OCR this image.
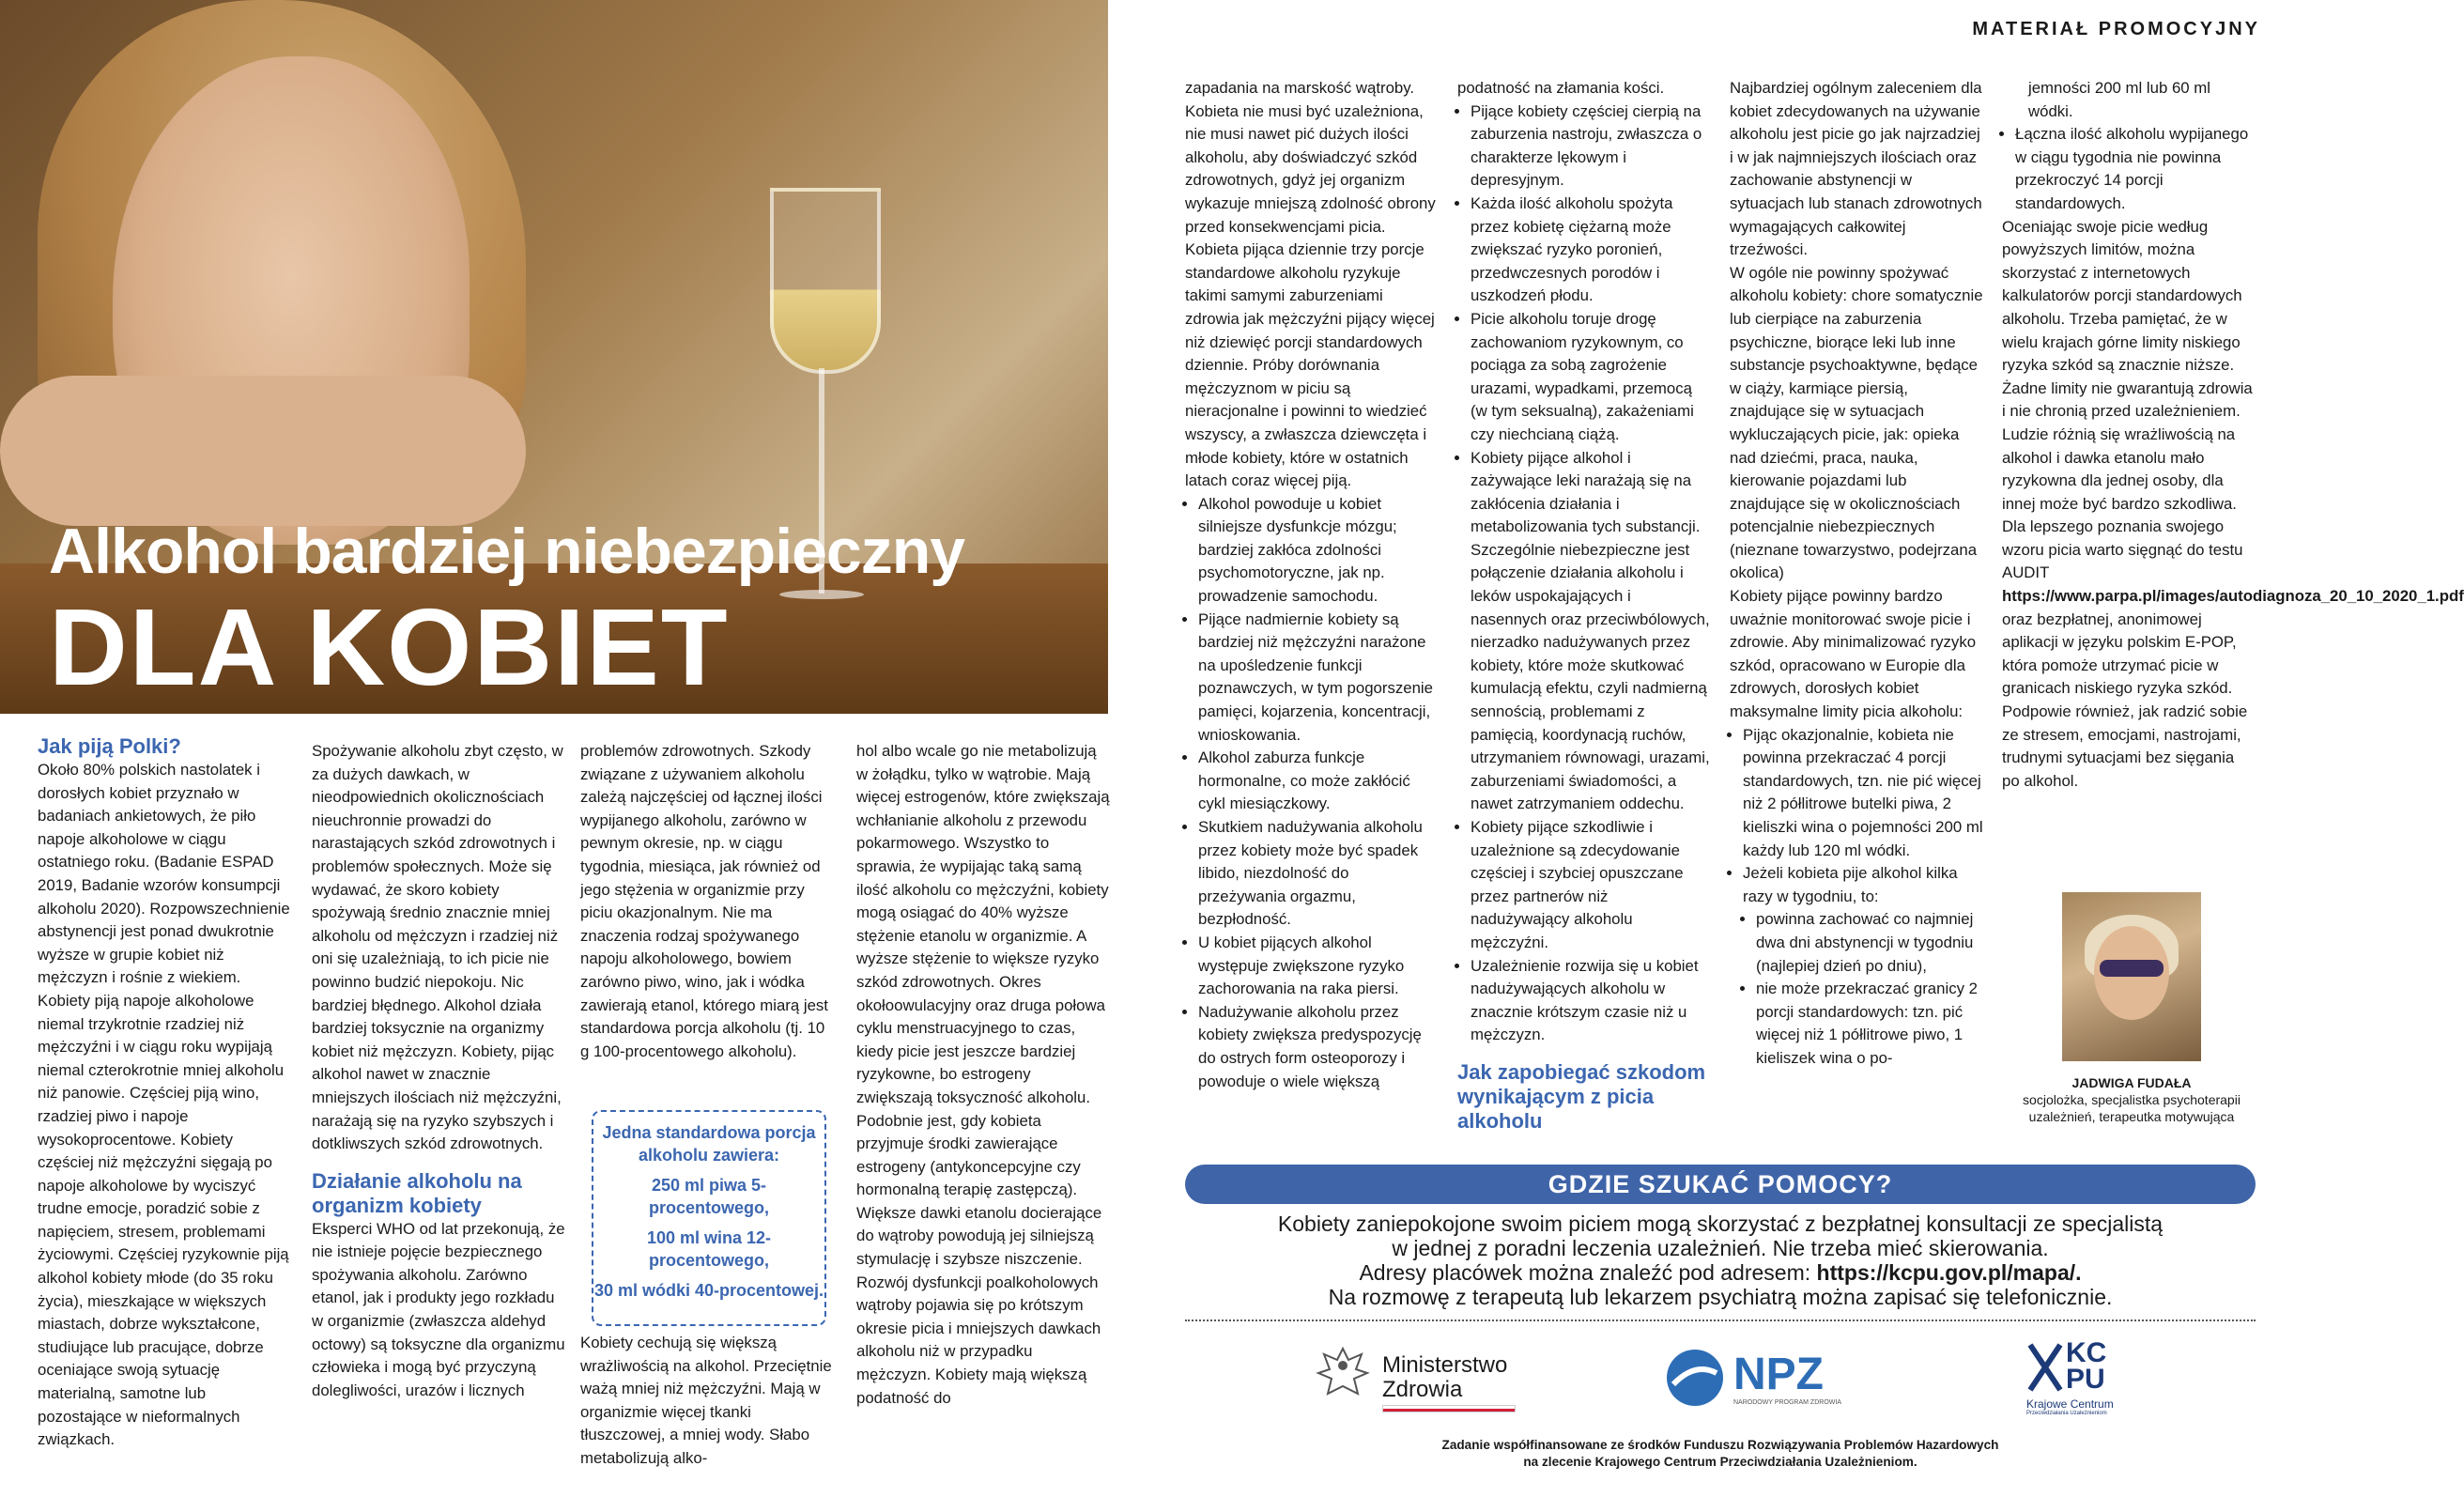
Alkohol bardziej niebezpieczny
DLA KOBIET
MATERIAŁ PROMOCYJNY
Jak piją Polki?

Około 80% polskich nastolatek i dorosłych kobiet przyznało w badaniach ankietowych, że piło napoje alkoholowe w ciągu ostatniego roku. (Badanie ESPAD 2019, Badanie wzorów konsumpcji alkoholu 2020). Rozpowszechnienie abstynencji jest ponad dwukrotnie wyższe w grupie kobiet niż mężczyzn i rośnie z wiekiem. Kobiety piją napoje alkoholowe niemal trzykrotnie rzadziej niż mężczyźni i w ciągu roku wypijają niemal czterokrotnie mniej alkoholu niż panowie. Częściej piją wino, rzadziej piwo i napoje wysokoprocentowe. Kobiety częściej niż mężczyźni sięgają po napoje alkoholowe by wyciszyć trudne emocje, poradzić sobie z napięciem, stresem, problemami życiowymi. Częściej ryzykownie piją alkohol kobiety młode (do 35 roku życia), mieszkające w większych miastach, dobrze wykształcone, studiujące lub pracujące, dobrze oceniające swoją sytuację materialną, samotne lub pozostające w nieformalnych związkach.

Spożywanie alkoholu zbyt często, w za dużych dawkach, w nieodpowiednich okolicznościach nieuchronnie prowadzi do narastających szkód zdrowotnych i problemów społecznych. Może się wydawać, że skoro kobiety spożywają średnio znacznie mniej alkoholu od mężczyzn i rzadziej niż oni się uzależniają, to ich picie nie powinno budzić niepokoju. Nic bardziej błędnego. Alkohol działa bardziej toksycznie na organizmy kobiet niż mężczyzn. Kobiety, pijąc alkohol nawet w znacznie mniejszych ilościach niż mężczyźni, narażają się na ryzyko szybszych i dotkliwszych szkód zdrowotnych.

Działanie alkoholu na organizm kobiety

Eksperci WHO od lat przekonują, że nie istnieje pojęcie bezpiecznego spożywania alkoholu. Zarówno etanol, jak i produkty jego rozkładu w organizmie (zwłaszcza aldehyd octowy) są toksyczne dla organizmu człowieka i mogą być przyczyną dolegliwości, urazów i licznych

problemów zdrowotnych. Szkody związane z używaniem alkoholu zależą najczęściej od łącznej ilości wypijanego alkoholu, zarówno w pewnym okresie, np. w ciągu tygodnia, miesiąca, jak również od jego stężenia w organizmie przy piciu okazjonalnym. Nie ma znaczenia rodzaj spożywanego napoju alkoholowego, bowiem zarówno piwo, wino, jak i wódka zawierają etanol, którego miarą jest standardowa porcja alkoholu (tj. 10 g 100-procentowego alkoholu).

Jedna standardowa porcja alkoholu zawiera:

250 ml piwa 5-procentowego,

100 ml wina 12-procentowego,

30 ml wódki 40-procentowej.

Kobiety cechują się większą wrażliwością na alkohol. Przeciętnie ważą mniej niż mężczyźni. Mają w organizmie więcej tkanki tłuszczowej, a mniej wody. Słabo metabolizują alko-

hol albo wcale go nie metabolizują w żołądku, tylko w wątrobie. Mają więcej estrogenów, które zwiększają wchłanianie alkoholu z przewodu pokarmowego. Wszystko to sprawia, że wypijając taką samą ilość alkoholu co mężczyźni, kobiety mogą osiągać do 40% wyższe stężenie etanolu w organizmie. A wyższe stężenie to większe ryzyko szkód zdrowotnych. Okres okołoowulacyjny oraz druga połowa cyklu menstruacyjnego to czas, kiedy picie jest jeszcze bardziej ryzykowne, bo estrogeny zwiększają toksyczność alkoholu. Podobnie jest, gdy kobieta przyjmuje środki zawierające estrogeny (antykoncepcyjne czy hormonalną terapię zastępczą). Większe dawki etanolu docierające do wątroby powodują jej silniejszą stymulację i szybsze niszczenie. Rozwój dysfunkcji poalkoholowych wątroby pojawia się po krótszym okresie picia i mniejszych dawkach alkoholu niż w przypadku mężczyzn. Kobiety mają większą podatność do

zapadania na marskość wątroby. Kobieta nie musi być uzależniona, nie musi nawet pić dużych ilości alkoholu, aby doświadczyć szkód zdrowotnych, gdyż jej organizm wykazuje mniejszą zdolność obrony przed konsekwencjami picia. Kobieta pijąca dziennie trzy porcje standardowe alkoholu ryzykuje takimi samymi zaburzeniami zdrowia jak mężczyźni pijący więcej niż dziewięć porcji standardowych dziennie. Próby dorównania mężczyznom w piciu są nieracjonalne i powinni to wiedzieć wszyscy, a zwłaszcza dziewczęta i młode kobiety, które w ostatnich latach coraz więcej piją.

• Alkohol powoduje u kobiet silniejsze dysfunkcje mózgu; bardziej zakłóca zdolności psychomotoryczne, jak np. prowadzenie samochodu.
• Pijące nadmiernie kobiety są bardziej niż mężczyźni narażone na upośledzenie funkcji poznawczych, w tym pogorszenie pamięci, kojarzenia, koncentracji, wnioskowania.
• Alkohol zaburza funkcje hormonalne, co może zakłócić cykl miesiączkowy.
• Skutkiem nadużywania alkoholu przez kobiety może być spadek libido, niezdolność do przeżywania orgazmu, bezpłodność.
• U kobiet pijących alkohol występuje zwiększone ryzyko zachorowania na raka piersi.
• Nadużywanie alkoholu przez kobiety zwiększa predyspozycję do ostrych form osteoporozy i powoduje o wiele większą

podatność na złamania kości.

• Pijące kobiety częściej cierpią na zaburzenia nastroju, zwłaszcza o charakterze lękowym i depresyjnym.
• Każda ilość alkoholu spożyta przez kobietę ciężarną może zwiększać ryzyko poronień, przedwczesnych porodów i uszkodzeń płodu.
• Picie alkoholu toruje drogę zachowaniom ryzykownym, co pociąga za sobą zagrożenie urazami, wypadkami, przemocą (w tym seksualną), zakażeniami czy niechcianą ciążą.
• Kobiety pijące alkohol i zażywające leki narażają się na zakłócenia działania i metabolizowania tych substancji. Szczególnie niebezpieczne jest połączenie działania alkoholu i leków uspokajających i nasennych oraz przeciwbólowych, nierzadko nadużywanych przez kobiety, które może skutkować kumulacją efektu, czyli nadmierną sennością, problemami z pamięcią, koordynacją ruchów, utrzymaniem równowagi, urazami, zaburzeniami świadomości, a nawet zatrzymaniem oddechu.
• Kobiety pijące szkodliwie i uzależnione są zdecydowanie częściej i szybciej opuszczane przez partnerów niż nadużywający alkoholu mężczyźni.
• Uzależnienie rozwija się u kobiet nadużywających alkoholu w znacznie krótszym czasie niż u mężczyzn.
Jak zapobiegać szkodom wynikającym z picia alkoholu

Najbardziej ogólnym zaleceniem dla kobiet zdecydowanych na używanie alkoholu jest picie go jak najrzadziej i w jak najmniejszych ilościach oraz zachowanie abstynencji w sytuacjach lub stanach zdrowotnych wymagających całkowitej trzeźwości.

W ogóle nie powinny spożywać alkoholu kobiety: chore somatycznie lub cierpiące na zaburzenia psychiczne, biorące leki lub inne substancje psychoaktywne, będące w ciąży, karmiące piersią, znajdujące się w sytuacjach wykluczających picie, jak: opieka nad dziećmi, praca, nauka, kierowanie pojazdami lub znajdujące się w okolicznościach potencjalnie niebezpiecznych (nieznane towarzystwo, podejrzana okolica)

Kobiety pijące powinny bardzo uważnie monitorować swoje picie i zdrowie. Aby minimalizować ryzyko szkód, opracowano w Europie dla zdrowych, dorosłych kobiet maksymalne limity picia alkoholu:

• Pijąc okazjonalnie, kobieta nie powinna przekraczać 4 porcji standardowych, tzn. nie pić więcej niż 2 półlitrowe butelki piwa, 2 kieliszki wina o pojemności 200 ml każdy lub 120 ml wódki.
• Jeżeli kobieta pije alkohol kilka razy w tygodniu, to:
• powinna zachować co najmniej dwa dni abstynencji w tygodniu (najlepiej dzień po dniu),
• nie może przekraczać granicy 2 porcji standardowych: tzn. pić więcej niż 1 półlitrowe piwo, 1 kieliszek wina o po-

jemności 200 ml lub 60 ml wódki.

• Łączna ilość alkoholu wypijanego w ciągu tygodnia nie powinna przekroczyć 14 porcji standardowych.

Oceniając swoje picie według powyższych limitów, można skorzystać z internetowych kalkulatorów porcji standardowych alkoholu. Trzeba pamiętać, że w wielu krajach górne limity niskiego ryzyka szkód są znacznie niższe. Żadne limity nie gwarantują zdrowia i nie chronią przed uzależnieniem. Ludzie różnią się wrażliwością na alkohol i dawka etanolu mało ryzykowna dla jednej osoby, dla innej może być bardzo szkodliwa.

Dla lepszego poznania swojego wzoru picia warto sięgnąć do testu AUDIT https://www.parpa.pl/images/autodiagnoza_20_10_2020_1.pdf oraz bezpłatnej, anonimowej aplikacji w języku polskim E-POP, która pomoże utrzymać picie w granicach niskiego ryzyka szkód. Podpowie również, jak radzić sobie ze stresem, emocjami, nastrojami, trudnymi sytuacjami bez sięgania po alkohol.

JADWIGA FUDAŁA
socjolożka, specjalistka psychoterapii uzależnień, terapeutka motywująca
GDZIE SZUKAĆ POMOCY?

Kobiety zaniepokojone swoim piciem mogą skorzystać z bezpłatnej konsultacji ze specjalistą

w jednej z poradni leczenia uzależnień. Nie trzeba mieć skierowania.

Adresy placówek można znaleźć pod adresem: https://kcpu.gov.pl/mapa/.

Na rozmowę z terapeutą lub lekarzem psychiatrą można zapisać się telefonicznie.

Ministerstwo
Zdrowia	NPZ
NARODOWY PROGRAM ZDROWIA
KC
PU
Krajowe Centrum
Przeciwdziałania Uzależnieniom

Zadanie współfinansowane ze środków Funduszu Rozwiązywania Problemów Hazardowych

na zlecenie Krajowego Centrum Przeciwdziałania Uzależnieniom.
